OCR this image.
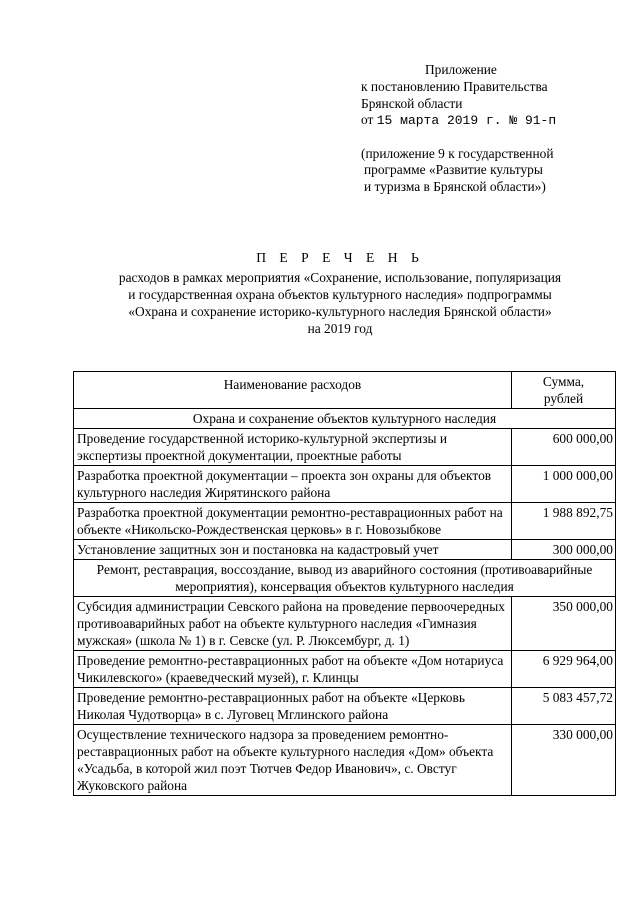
Приложение
к постановлению Правительства
Брянской области
от 15 марта 2019 г. № 91-п
(приложение 9 к государственной
программе «Развитие культуры
и туризма в Брянской области»)
П Е Р Е Ч Е Н Ь
расходов в рамках мероприятия «Сохранение, использование, популяризация
и государственная охрана объектов культурного наследия» подпрограммы
«Охрана и сохранение историко-культурного наследия Брянской области»
на 2019 год
Наименование расходов	Сумма,
рублей

Охрана и сохранение объектов культурного наследия	
Проведение государственной историко-культурной экспертизы и экспертизы проектной документации, проектные работы	600 000,00
Разработка проектной документации – проекта зон охраны для объектов культурного наследия Жирятинского района	1 000 000,00
Разработка проектной документации ремонтно-реставрационных работ на объекте «Никольско-Рождественская церковь» в г. Новозыбкове	1 988 892,75
Установление защитных зон и постановка на кадастровый учет	300 000,00
Ремонт, реставрация, воссоздание, вывод из аварийного состояния (противоаварийные мероприятия), консервация объектов культурного наследия	
Субсидия администрации Севского района на проведение первоочередных противоаварийных работ на объекте культурного наследия «Гимназия мужская» (школа № 1) в г. Севске (ул. Р. Люксембург, д. 1)	350 000,00
Проведение ремонтно-реставрационных работ на объекте «Дом нотариуса Чикилевского» (краеведческий музей), г. Клинцы	6 929 964,00
Проведение ремонтно-реставрационных работ на объекте «Церковь Николая Чудотворца» в с. Луговец Мглинского района	5 083 457,72
Осуществление технического надзора за проведением ремонтно-реставрационных работ на объекте культурного наследия «Дом» объекта «Усадьба, в которой жил поэт Тютчев Федор Иванович», с. Овстуг Жуковского района	330 000,00
